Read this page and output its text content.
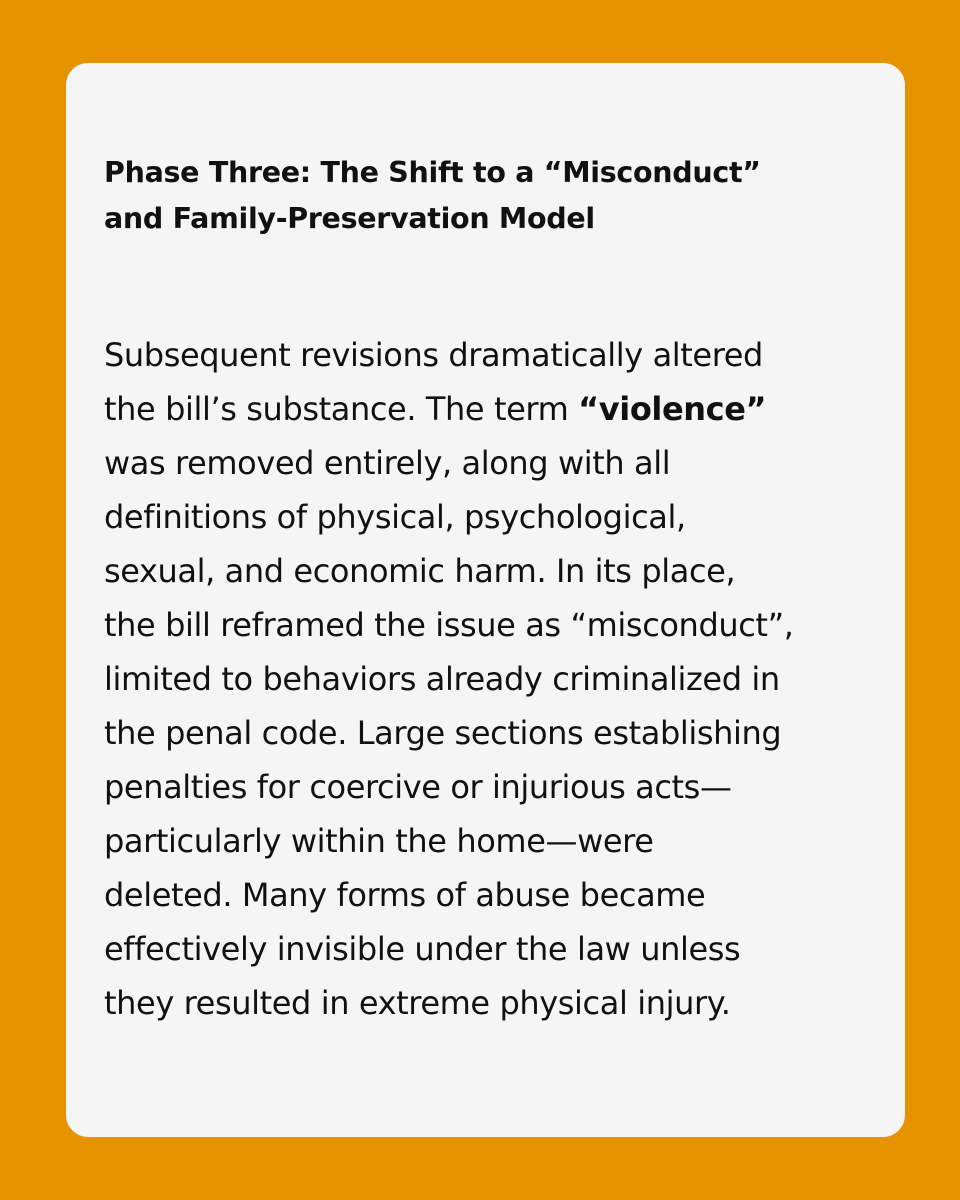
Phase Three: The Shift to a “Misconduct”
and Family-Preservation Model

Subsequent revisions dramatically altered
the bill’s substance. The term “violence”
was removed entirely, along with all
definitions of physical, psychological,
sexual, and economic harm. In its place,
the bill reframed the issue as “misconduct”,
limited to behaviors already criminalized in
the penal code. Large sections establishing
penalties for coercive or injurious acts—
particularly within the home—were
deleted. Many forms of abuse became
effectively invisible under the law unless
they resulted in extreme physical injury.
